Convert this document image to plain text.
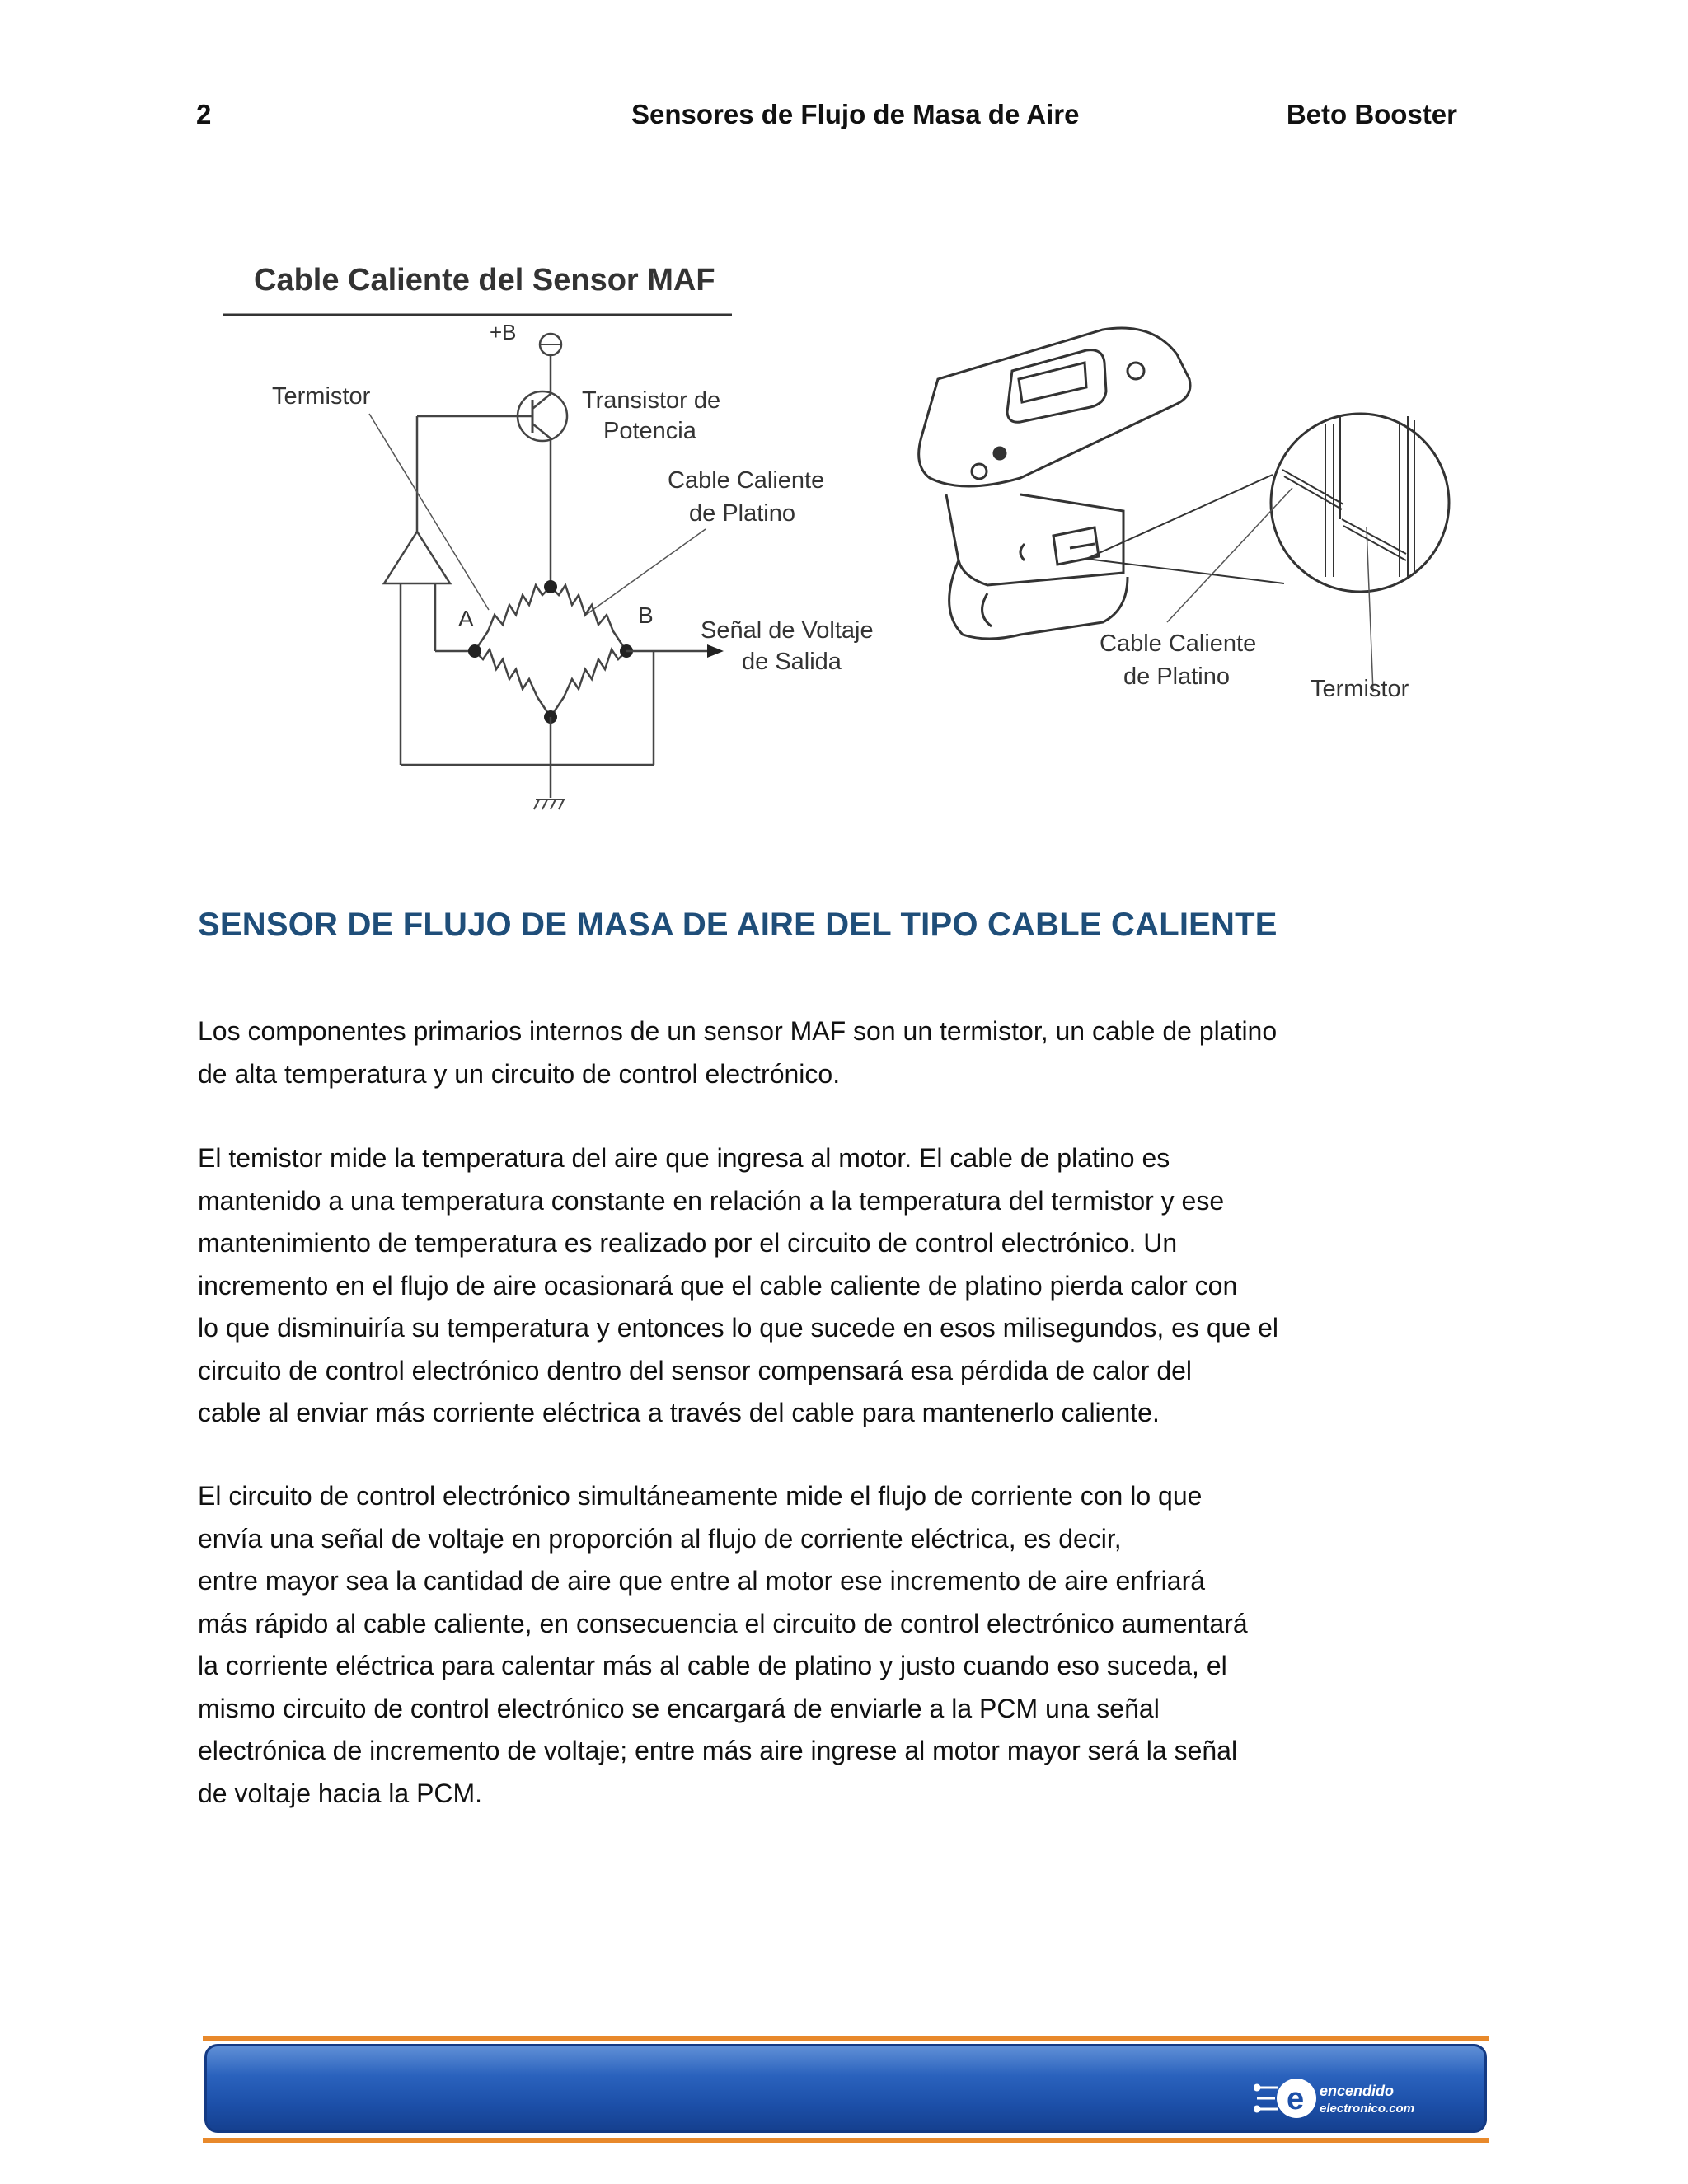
2	Sensores de Flujo de Masa de Aire	Beto Booster
Cable Caliente del Sensor MAF
+B
Termistor	Transistor de
Potencia
Cable Caliente
de Platino
A	B
Señal de Voltaje
de Salida
Cable Caliente
de Platino	Termistor
SENSOR DE FLUJO DE MASA DE AIRE DEL TIPO CABLE CALIENTE

Los componentes primarios internos de un sensor MAF son un termistor, un cable de platino
de alta temperatura y un circuito de control electrónico.

El temistor mide la temperatura del aire que ingresa al motor. El cable de platino es
mantenido a una temperatura constante en relación a la temperatura del termistor y ese
mantenimiento de temperatura es realizado por el circuito de control electrónico. Un
incremento en el flujo de aire ocasionará que el cable caliente de platino pierda calor con
lo que disminuiría su temperatura y entonces lo que sucede en esos milisegundos, es que el
circuito de control electrónico dentro del sensor compensará esa pérdida de calor del
cable al enviar más corriente eléctrica a través del cable para mantenerlo caliente.

El circuito de control electrónico simultáneamente mide el flujo de corriente con lo que
envía una señal de voltaje en proporción al flujo de corriente eléctrica, es decir,
entre mayor sea la cantidad de aire que entre al motor ese incremento de aire enfriará
más rápido al cable caliente, en consecuencia el circuito de control electrónico aumentará
la corriente eléctrica para calentar más al cable de platino y justo cuando eso suceda, el
mismo circuito de control electrónico se encargará de enviarle a la PCM una señal
electrónica de incremento de voltaje; entre más aire ingrese al motor mayor será la señal
de voltaje hacia la PCM.

e encendido
electronico.com
